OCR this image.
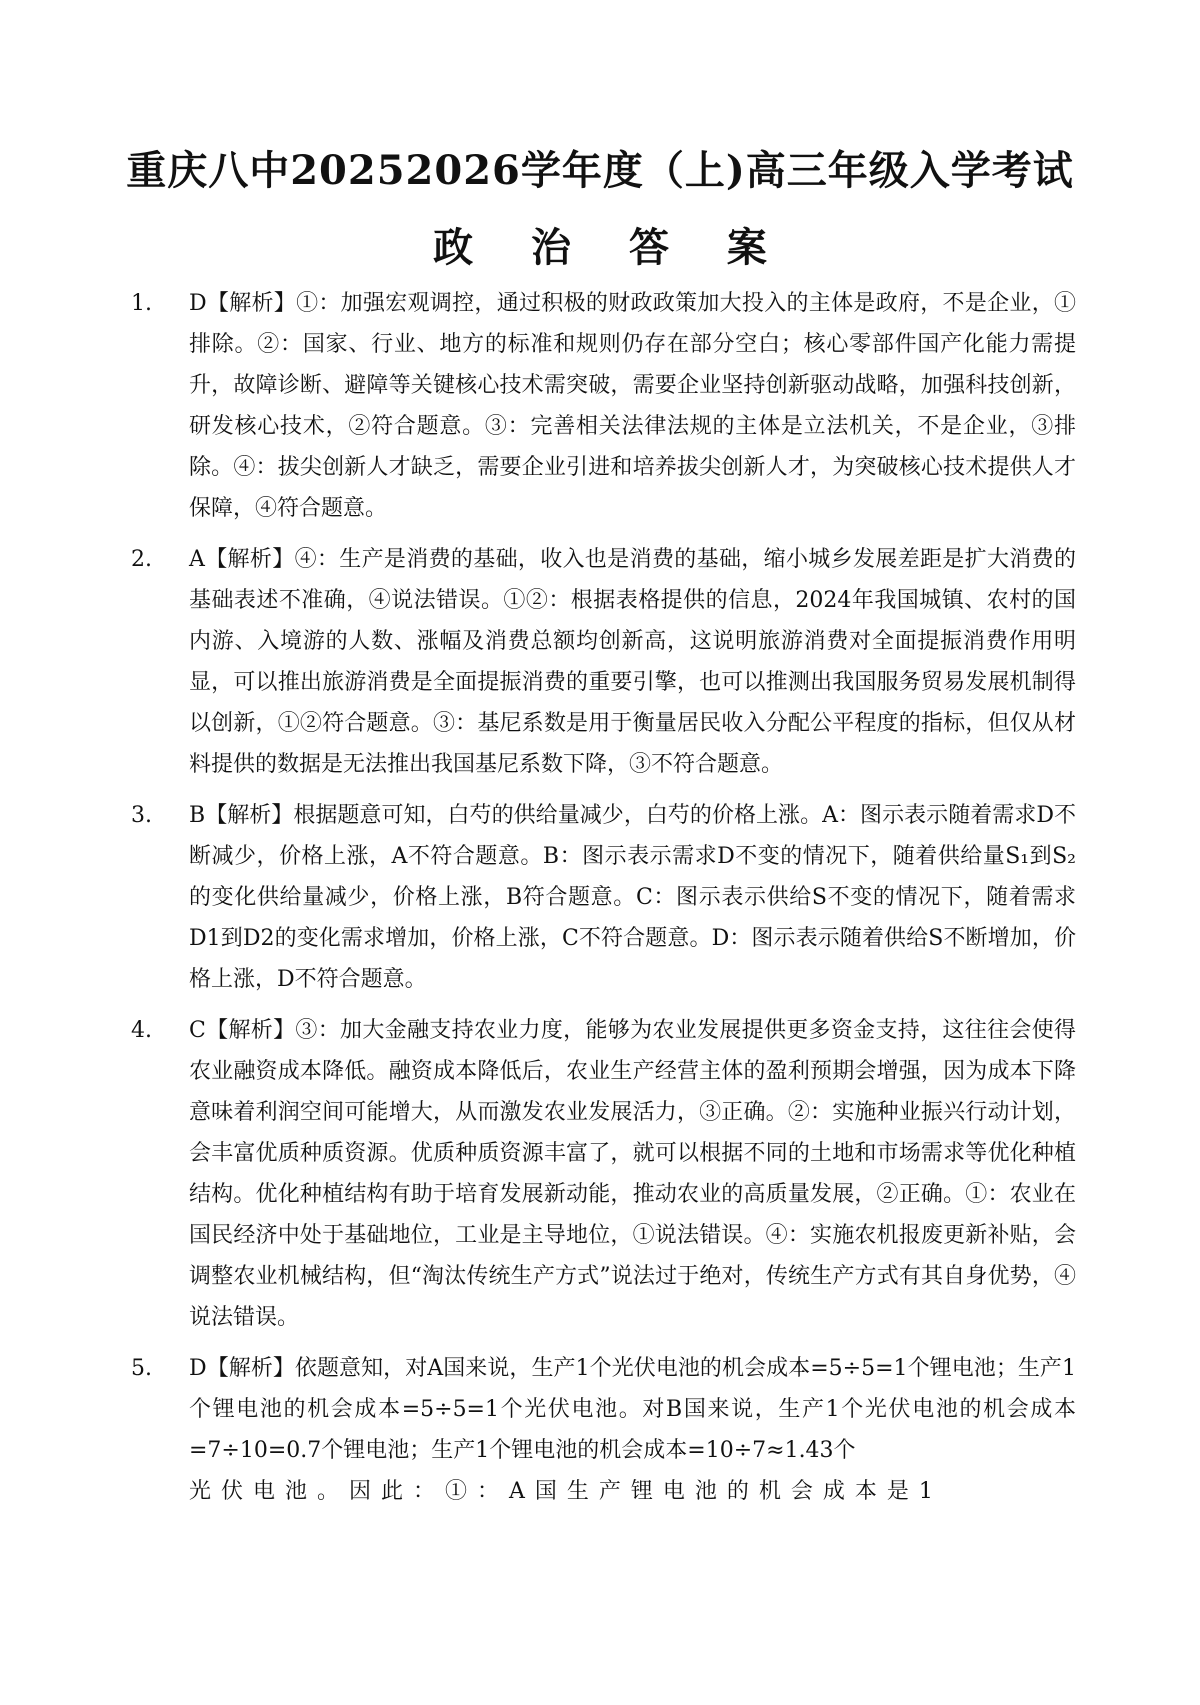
重庆八中20252026学年度（上)高三年级入学考试
政 治 答 案
1.	D【解析】①：加强宏观调控，通过积极的财政政策加大投入的主体是政府，不是企业，①排除。②：国家、行业、地方的标准和规则仍存在部分空白；核心零部件国产化能力需提升，故障诊断、避障等关键核心技术需突破，需要企业坚持创新驱动战略，加强科技创新，研发核心技术，②符合题意。③：完善相关法律法规的主体是立法机关，不是企业，③排除。④：拔尖创新人才缺乏，需要企业引进和培养拔尖创新人才，为突破核心技术提供人才保障，④符合题意。
2.	A【解析】④：生产是消费的基础，收入也是消费的基础，缩小城乡发展差距是扩大消费的基础表述不准确，④说法错误。①②：根据表格提供的信息，2024年我国城镇、农村的国内游、入境游的人数、涨幅及消费总额均创新高，这说明旅游消费对全面提振消费作用明显，可以推出旅游消费是全面提振消费的重要引擎，也可以推测出我国服务贸易发展机制得以创新，①②符合题意。③：基尼系数是用于衡量居民收入分配公平程度的指标，但仅从材料提供的数据是无法推出我国基尼系数下降，③不符合题意。
3.	B【解析】根据题意可知，白芍的供给量减少，白芍的价格上涨。A：图示表示随着需求D不断减少，价格上涨，A不符合题意。B：图示表示需求D不变的情况下，随着供给量S₁到S₂的变化供给量减少，价格上涨，B符合题意。C：图示表示供给S不变的情况下，随着需求D1到D2的变化需求增加，价格上涨，C不符合题意。D：图示表示随着供给S不断增加，价格上涨，D不符合题意。
4.	C【解析】③：加大金融支持农业力度，能够为农业发展提供更多资金支持，这往往会使得农业融资成本降低。融资成本降低后，农业生产经营主体的盈利预期会增强，因为成本下降意味着利润空间可能增大，从而激发农业发展活力，③正确。②：实施种业振兴行动计划，会丰富优质种质资源。优质种质资源丰富了，就可以根据不同的土地和市场需求等优化种植结构。优化种植结构有助于培育发展新动能，推动农业的高质量发展，②正确。①：农业在国民经济中处于基础地位，工业是主导地位，①说法错误。④：实施农机报废更新补贴，会调整农业机械结构，但“淘汰传统生产方式”说法过于绝对，传统生产方式有其自身优势，④说法错误。
5.	D【解析】依题意知，对A国来说，生产1个光伏电池的机会成本=5÷5=1个锂电池；生产1个锂电池的机会成本=5÷5=1个光伏电池。对B国来说，生产1个光伏电池的机会成本=7÷10=0.7个锂电池；生产1个锂电池的机会成本=10÷7≈1.43个
光伏电池。因此：①：A国生产锂电池的机会成本是1
